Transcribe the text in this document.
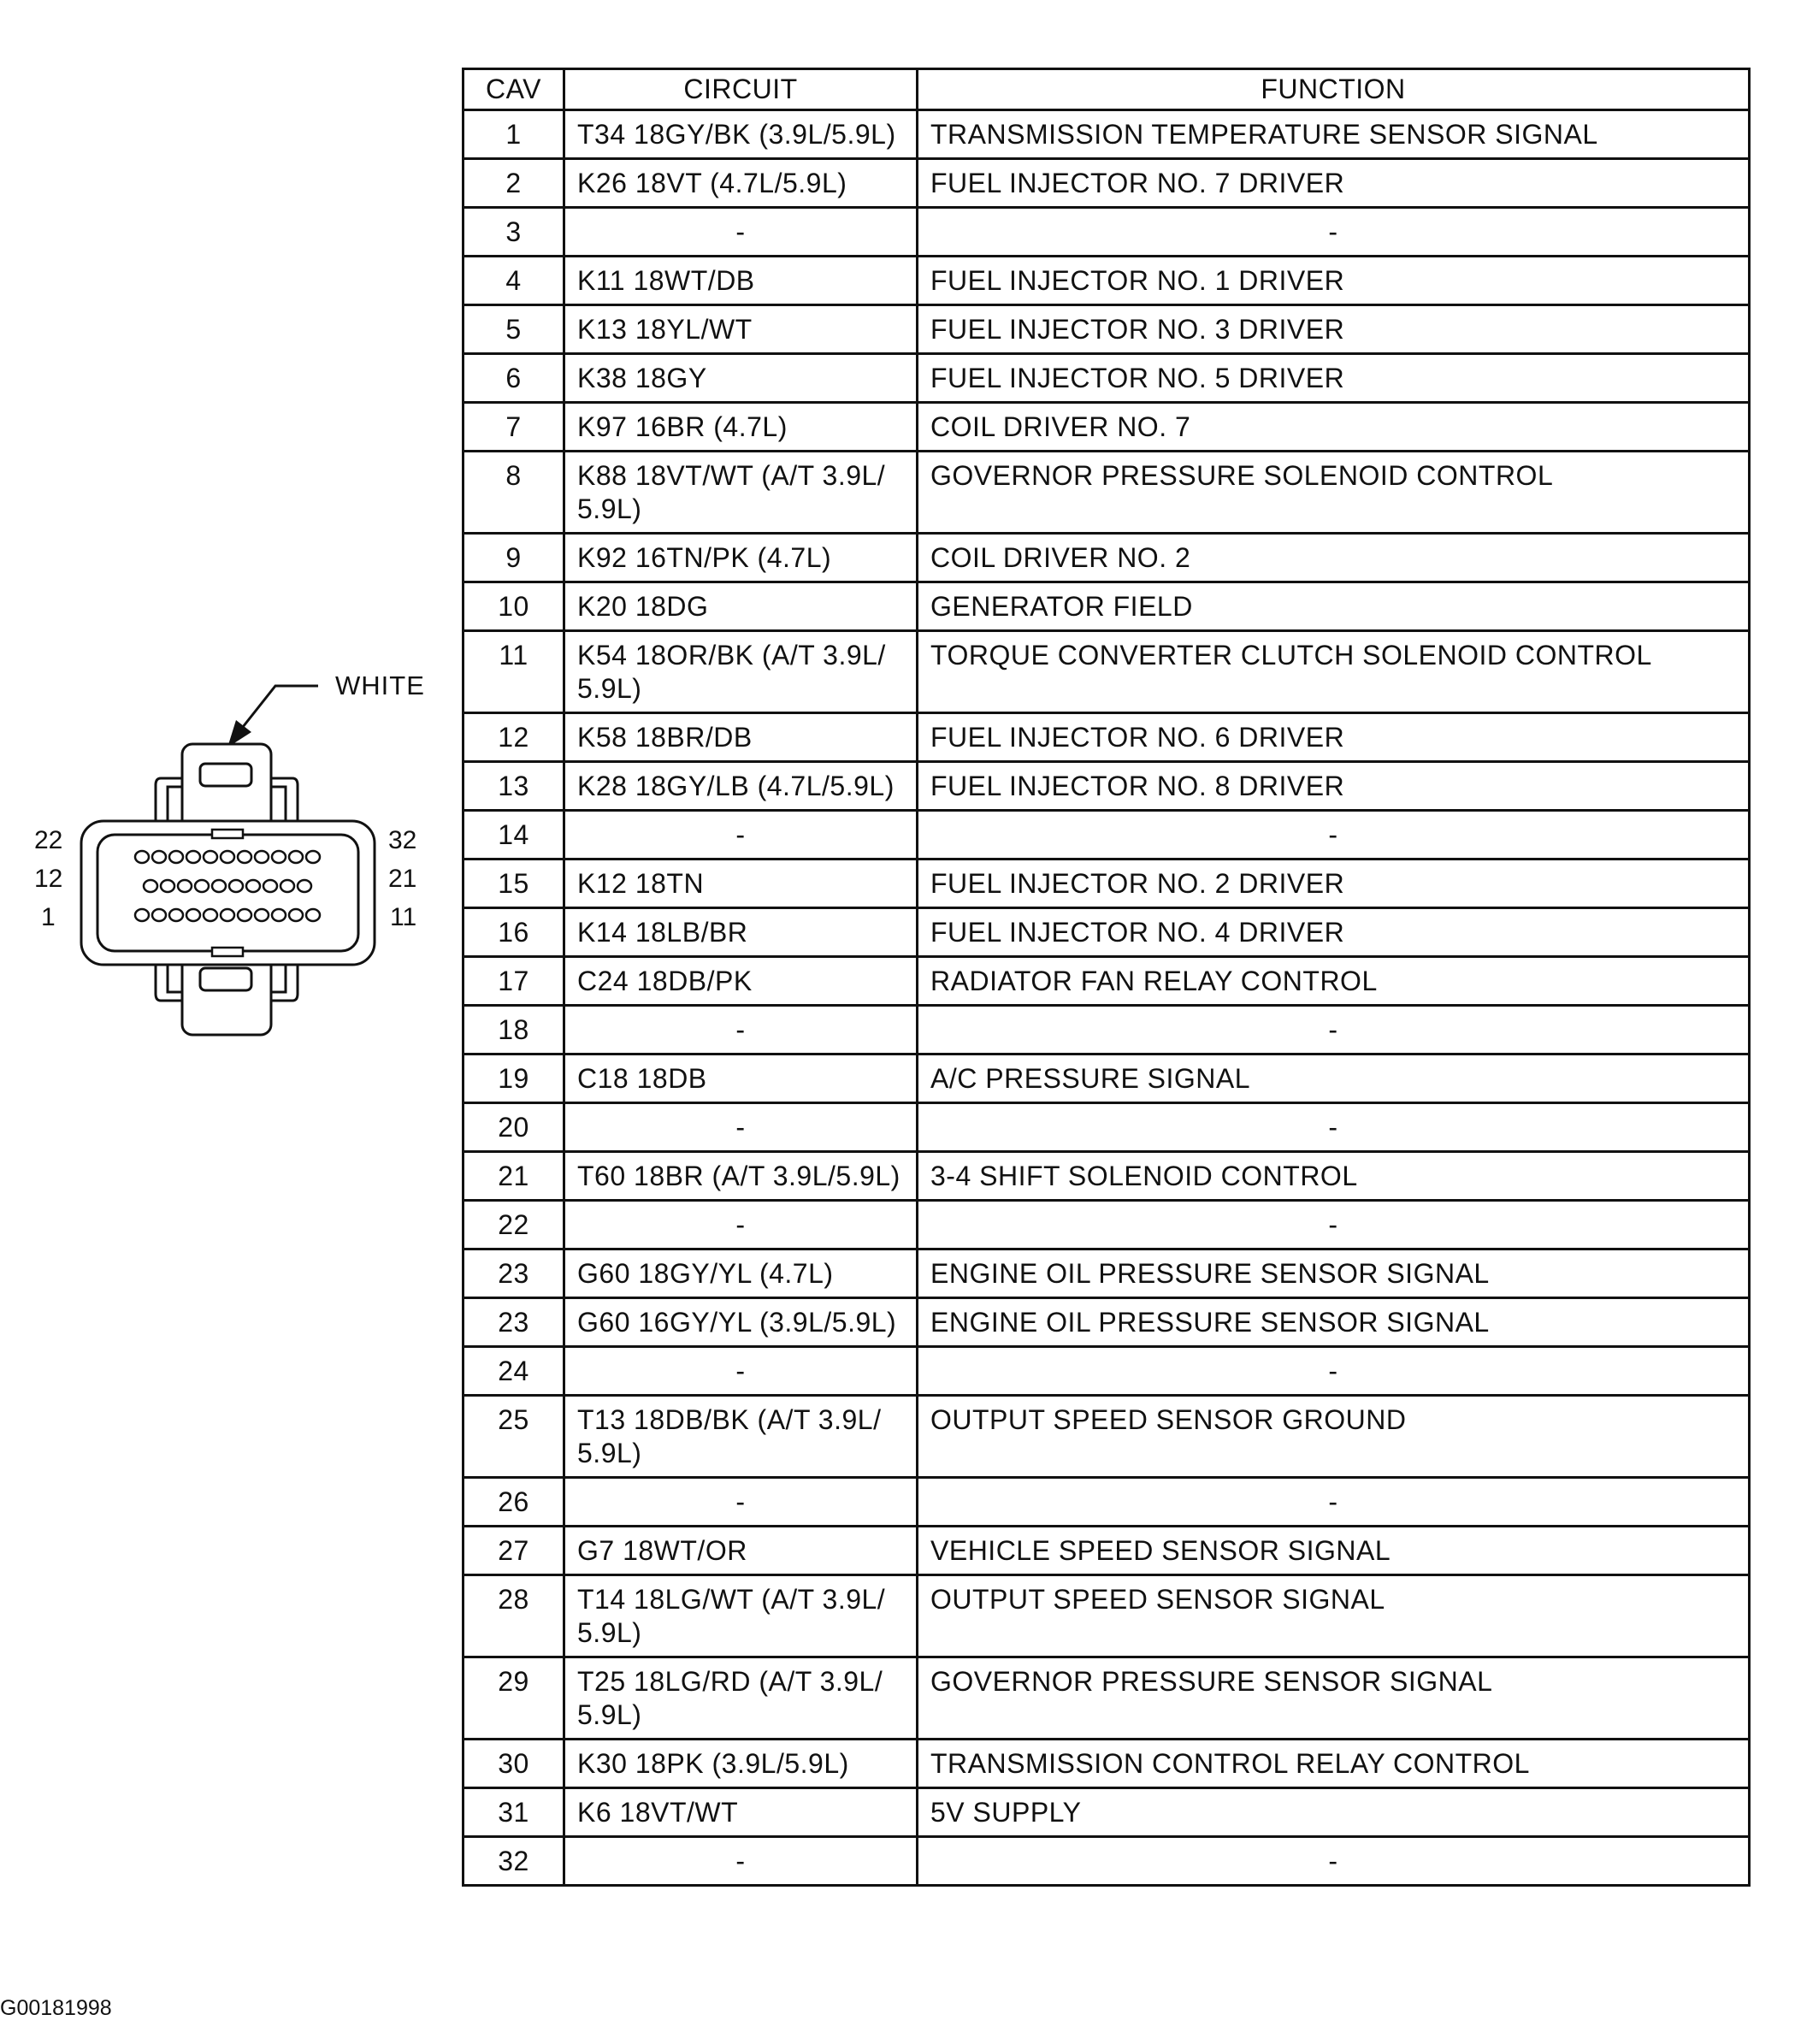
WHITE
22
12
1
32
21
11
CAV	CIRCUIT	FUNCTION
1	T34 18GY/BK (3.9L/5.9L)	TRANSMISSION TEMPERATURE SENSOR SIGNAL
2	K26 18VT (4.7L/5.9L)	FUEL INJECTOR NO. 7 DRIVER
3	-	-
4	K11 18WT/DB	FUEL INJECTOR NO. 1 DRIVER
5	K13 18YL/WT	FUEL INJECTOR NO. 3 DRIVER
6	K38 18GY	FUEL INJECTOR NO. 5 DRIVER
7	K97 16BR (4.7L)	COIL DRIVER NO. 7
8	K88 18VT/WT (A/T 3.9L/ 5.9L)	GOVERNOR PRESSURE SOLENOID CONTROL
9	K92 16TN/PK (4.7L)	COIL DRIVER NO. 2
10	K20 18DG	GENERATOR FIELD
11	K54 18OR/BK (A/T 3.9L/ 5.9L)	TORQUE CONVERTER CLUTCH SOLENOID CONTROL
12	K58 18BR/DB	FUEL INJECTOR NO. 6 DRIVER
13	K28 18GY/LB (4.7L/5.9L)	FUEL INJECTOR NO. 8 DRIVER
14	-	-
15	K12 18TN	FUEL INJECTOR NO. 2 DRIVER
16	K14 18LB/BR	FUEL INJECTOR NO. 4 DRIVER
17	C24 18DB/PK	RADIATOR FAN RELAY CONTROL
18	-	-
19	C18 18DB	A/C PRESSURE SIGNAL
20	-	-
21	T60 18BR (A/T 3.9L/5.9L)	3-4 SHIFT SOLENOID CONTROL
22	-	-
23	G60 18GY/YL (4.7L)	ENGINE OIL PRESSURE SENSOR SIGNAL
23	G60 16GY/YL (3.9L/5.9L)	ENGINE OIL PRESSURE SENSOR SIGNAL
24	-	-
25	T13 18DB/BK (A/T 3.9L/ 5.9L)	OUTPUT SPEED SENSOR GROUND
26	-	-
27	G7 18WT/OR	VEHICLE SPEED SENSOR SIGNAL
28	T14 18LG/WT (A/T 3.9L/ 5.9L)	OUTPUT SPEED SENSOR SIGNAL
29	T25 18LG/RD (A/T 3.9L/ 5.9L)	GOVERNOR PRESSURE SENSOR SIGNAL
30	K30 18PK (3.9L/5.9L)	TRANSMISSION CONTROL RELAY CONTROL
31	K6 18VT/WT	5V SUPPLY
32	-	-
G00181998
